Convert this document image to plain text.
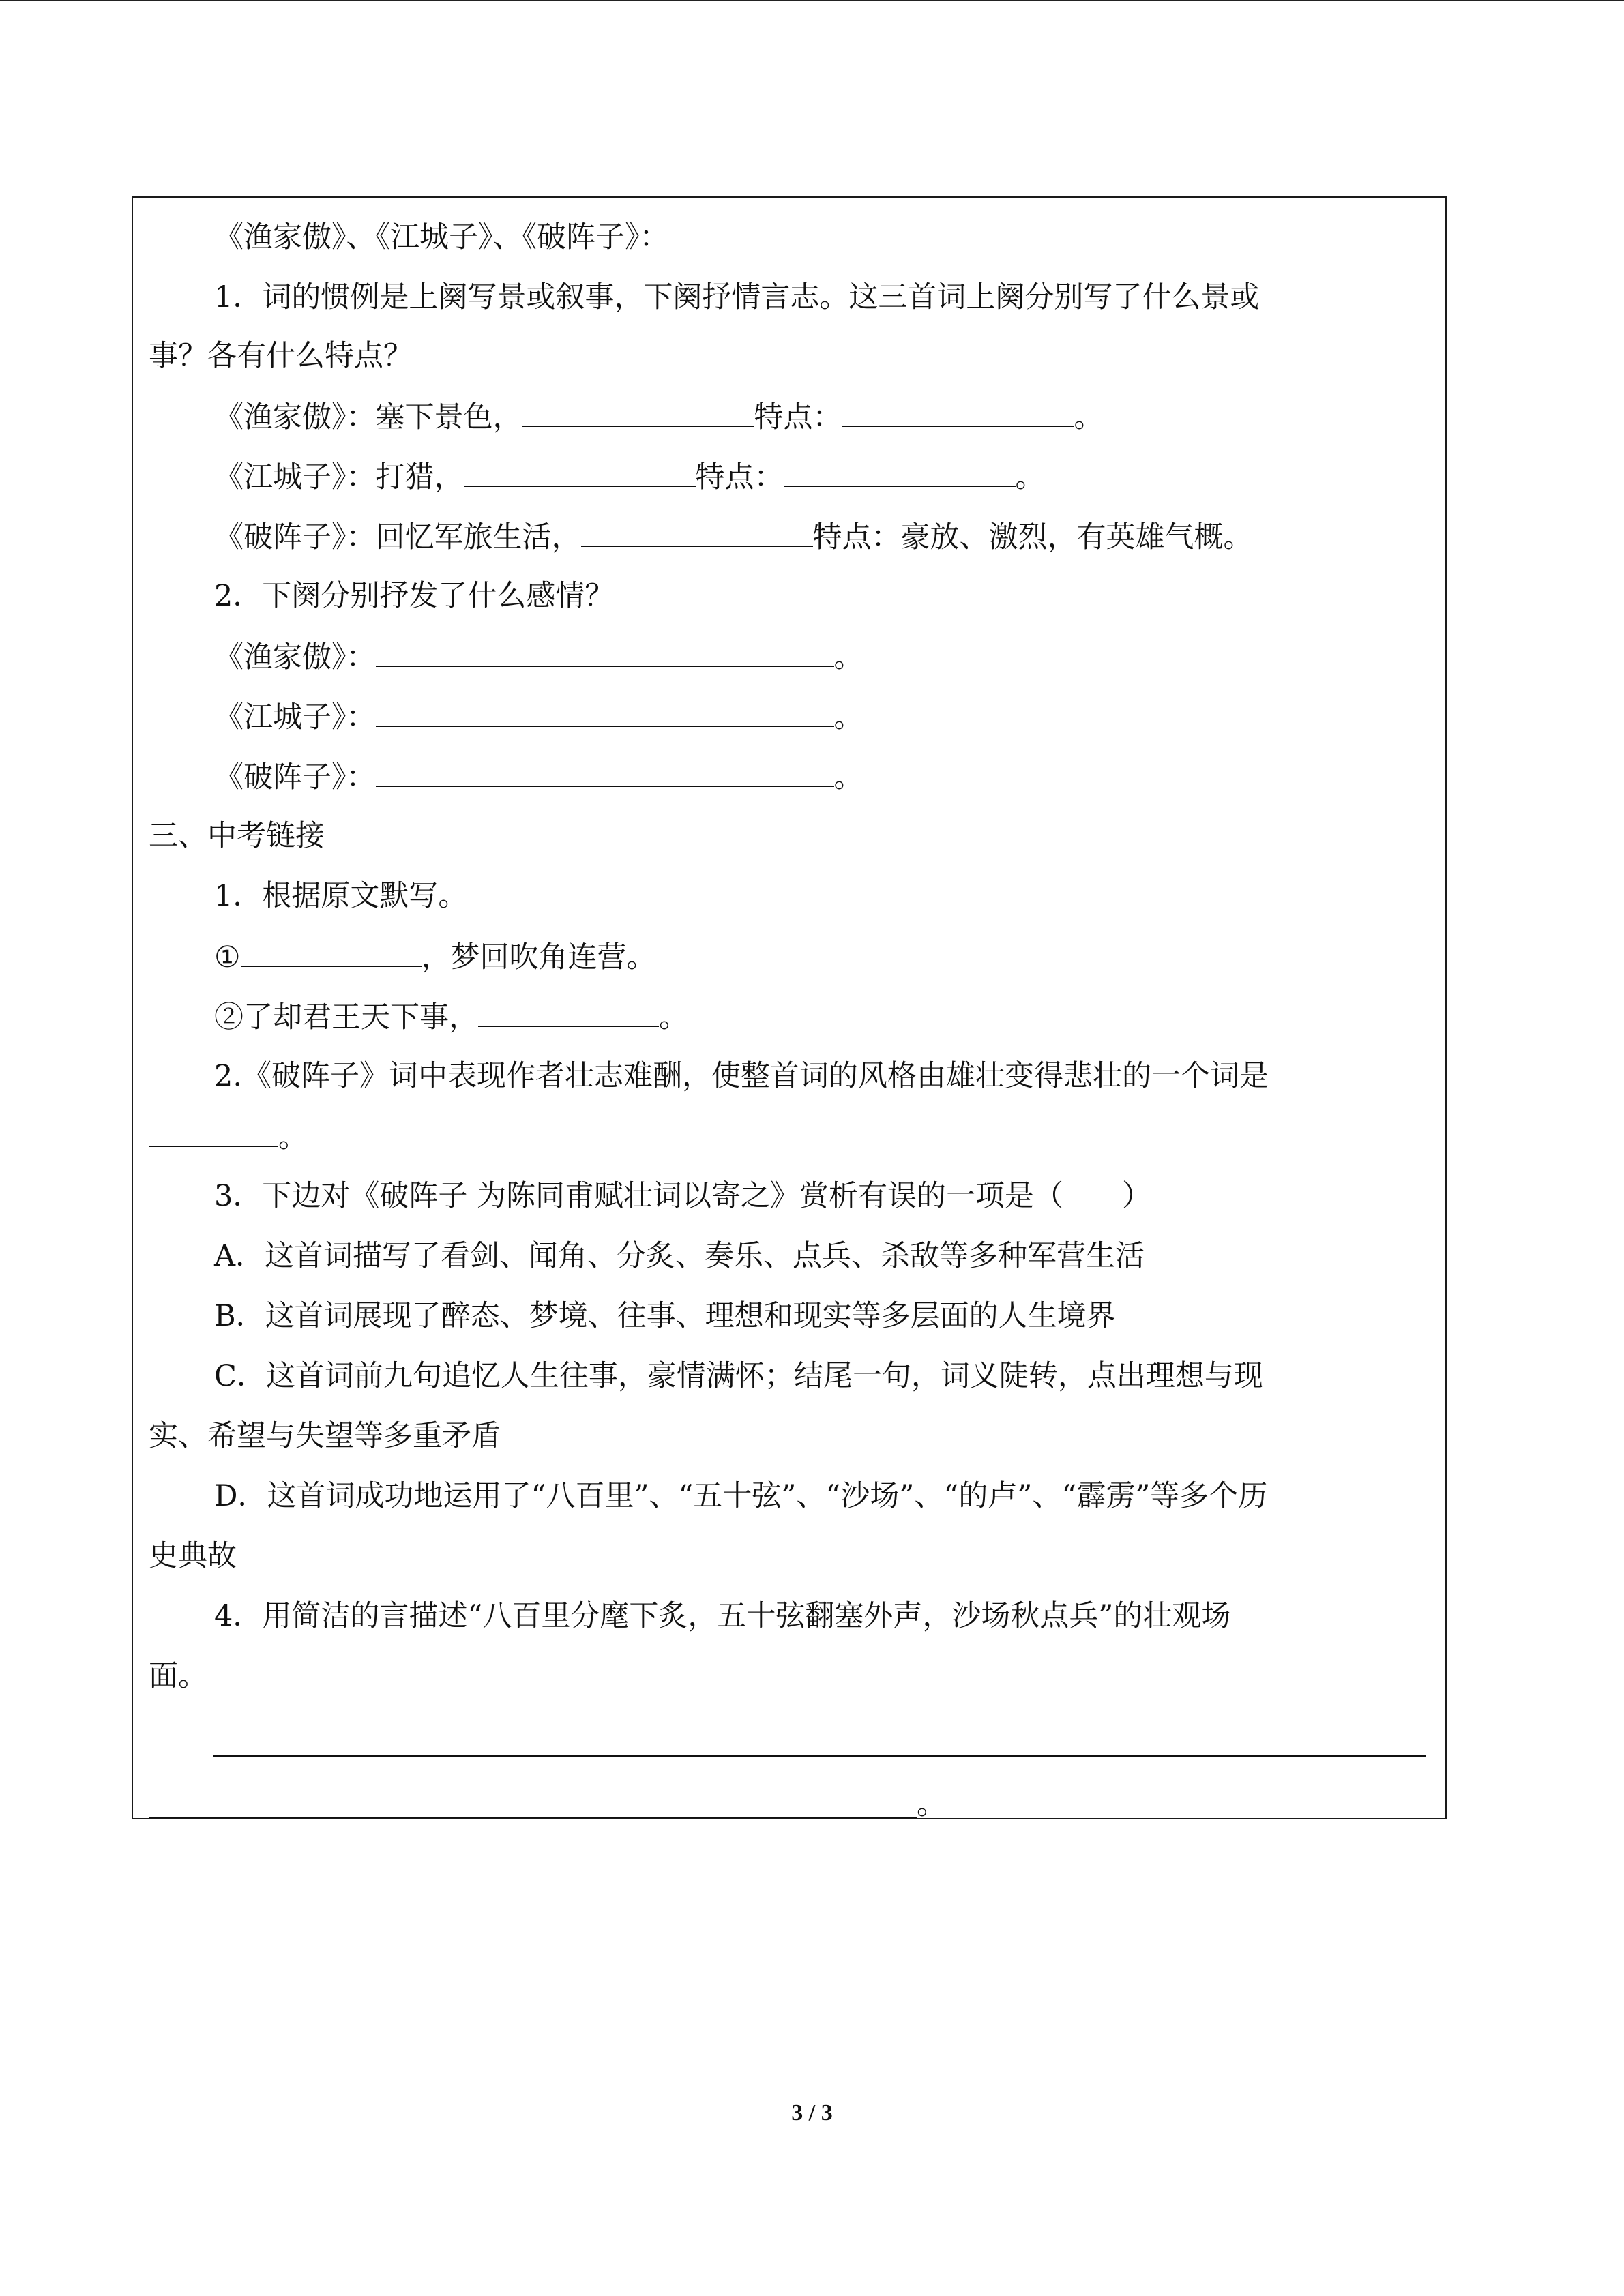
《渔家傲》、《江城子》、《破阵子》：
1．词的惯例是上阕写景或叙事，下阕抒情言志。这三首词上阕分别写了什么景或
事？各有什么特点？
《渔家傲》：塞下景色，	特点：	。
《江城子》：打猎，	特点：	。
《破阵子》：回忆军旅生活，	特点：豪放、激烈，有英雄气概。
2．下阕分别抒发了什么感情？
《渔家傲》：	。
《江城子》：	。
《破阵子》：	。
三、中考链接
1．根据原文默写。
①	，梦回吹角连营。
②了却君王天下事，	。
2.《破阵子》词中表现作者壮志难酬，使整首词的风格由雄壮变得悲壮的一个词是
。
3．下边对《破阵子 为陈同甫赋壮词以寄之》赏析有误的一项是（　　）
A．这首词描写了看剑、闻角、分炙、奏乐、点兵、杀敌等多种军营生活
B．这首词展现了醉态、梦境、往事、理想和现实等多层面的人生境界
C．这首词前九句追忆人生往事，豪情满怀；结尾一句，词义陡转，点出理想与现
实、希望与失望等多重矛盾
D．这首词成功地运用了“八百里”、“五十弦”、“沙场”、“的卢”、“霹雳”等多个历
史典故
4．用简洁的言描述“八百里分麾下炙，五十弦翻塞外声，沙场秋点兵”的壮观场
面。
。
3 / 3
